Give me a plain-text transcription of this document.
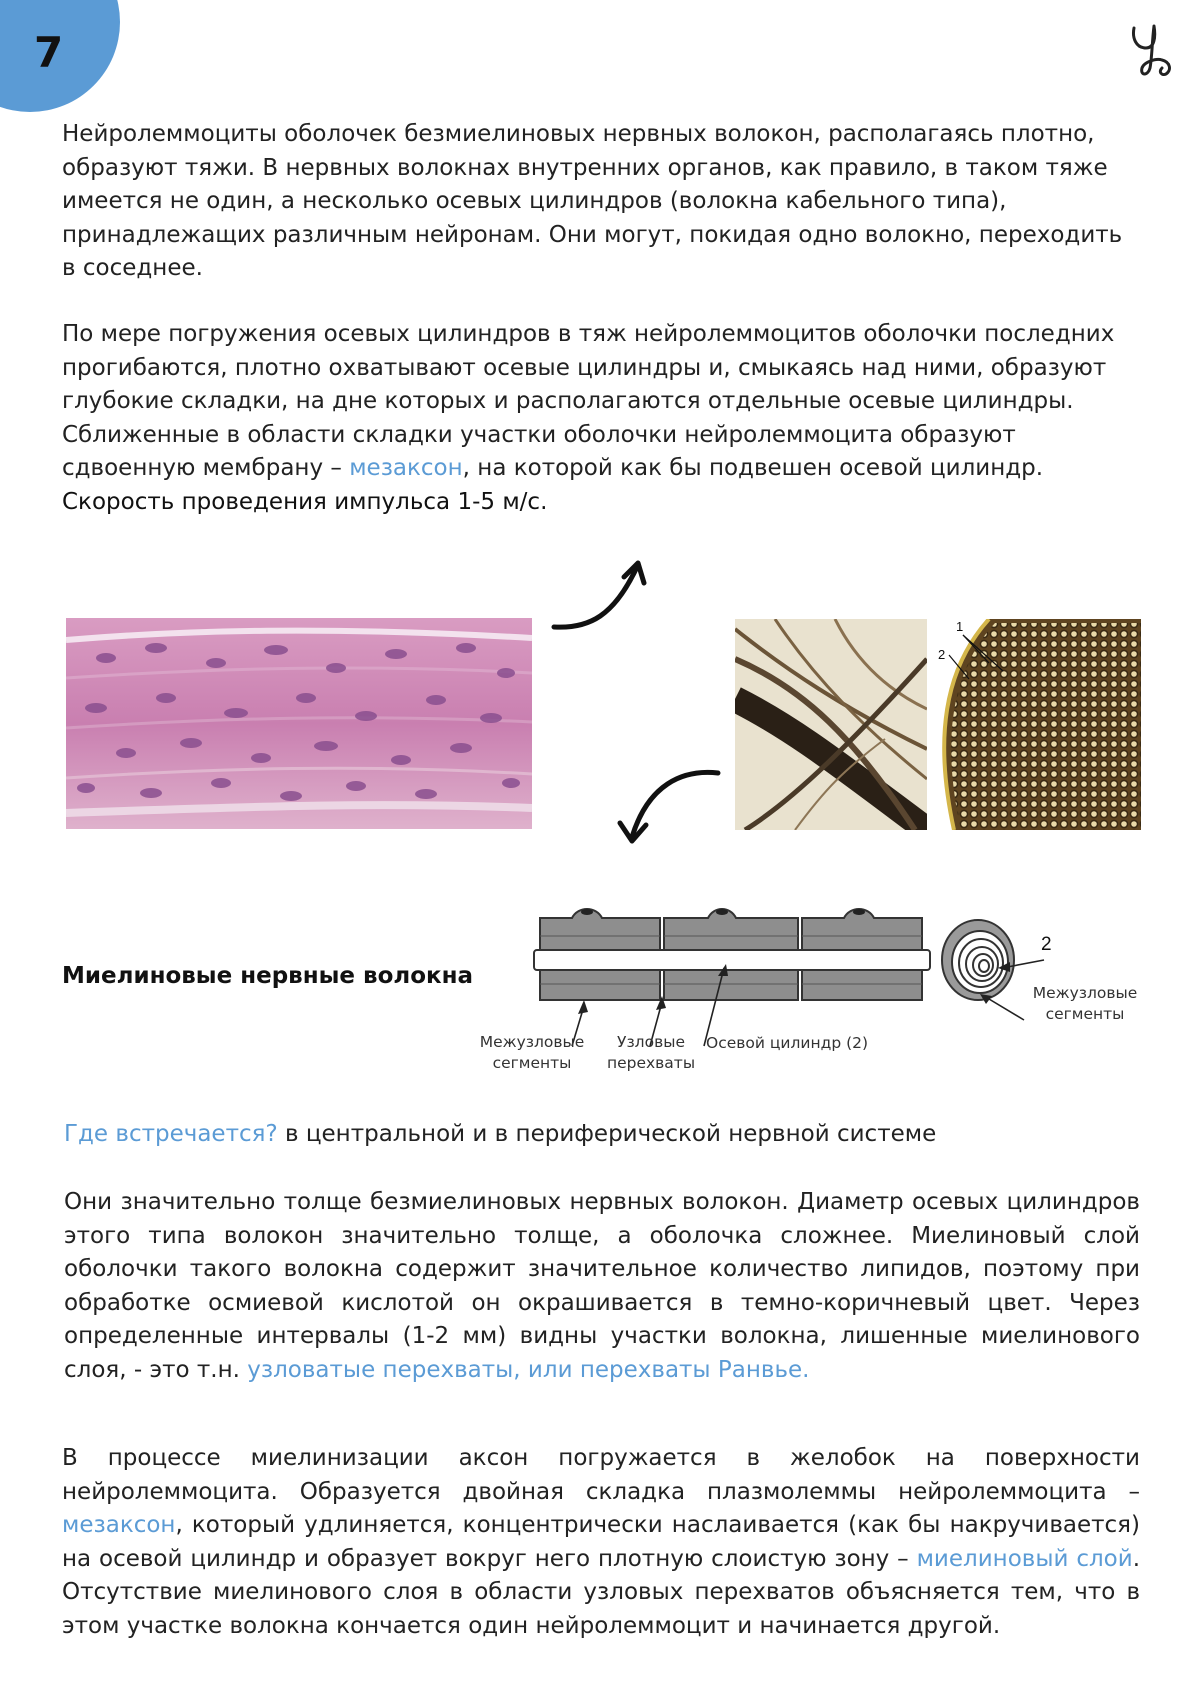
7

Нейролеммоциты оболочек безмиелиновых нервных волокон, располагаясь плотно, образуют тяжи. В нервных волокнах внутренних органов, как правило, в таком тяже имеется не один, а несколько осевых цилиндров (волокна кабельного типа), принадлежащих различным нейронам. Они могут, покидая одно волокно, переходить в соседнее.

По мере погружения осевых цилиндров в тяж нейролеммоцитов оболочки последних прогибаются, плотно охватывают осевые цилиндры и, смыкаясь над ними, образуют глубокие складки, на дне которых и располагаются отдельные осевые цилиндры. Сближенные в области складки участки оболочки нейролеммоцита образуют сдвоенную мембрану – мезаксон, на которой как бы подвешен осевой цилиндр. Скорость проведения импульса 1-5 м/с.

1
2
Миелиновые нервные волокна
2
Межузловые сегменты
Узловые перехваты
Осевой цилиндр (2)
Межузловые сегменты

Где встречается? в центральной и в периферической нервной системе

Они значительно толще безмиелиновых нервных волокон. Диаметр осевых цилиндров этого типа волокон значительно толще, а оболочка сложнее. Миелиновый слой оболочки такого волокна содержит значительное количество липидов, поэтому при обработке осмиевой кислотой он окрашивается в темно-коричневый цвет. Через определенные интервалы (1-2 мм) видны участки волокна, лишенные миелинового слоя, - это т.н. узловатые перехваты, или перехваты Ранвье.

В процессе миелинизации аксон погружается в желобок на поверхности нейролеммоцита. Образуется двойная складка плазмолеммы нейролеммоцита – мезаксон, который удлиняется, концентрически наслаивается (как бы накручивается) на осевой цилиндр и образует вокруг него плотную слоистую зону – миелиновый слой. Отсутствие миелинового слоя в области узловых перехватов объясняется тем, что в этом участке волокна кончается один нейролеммоцит и начинается другой.
